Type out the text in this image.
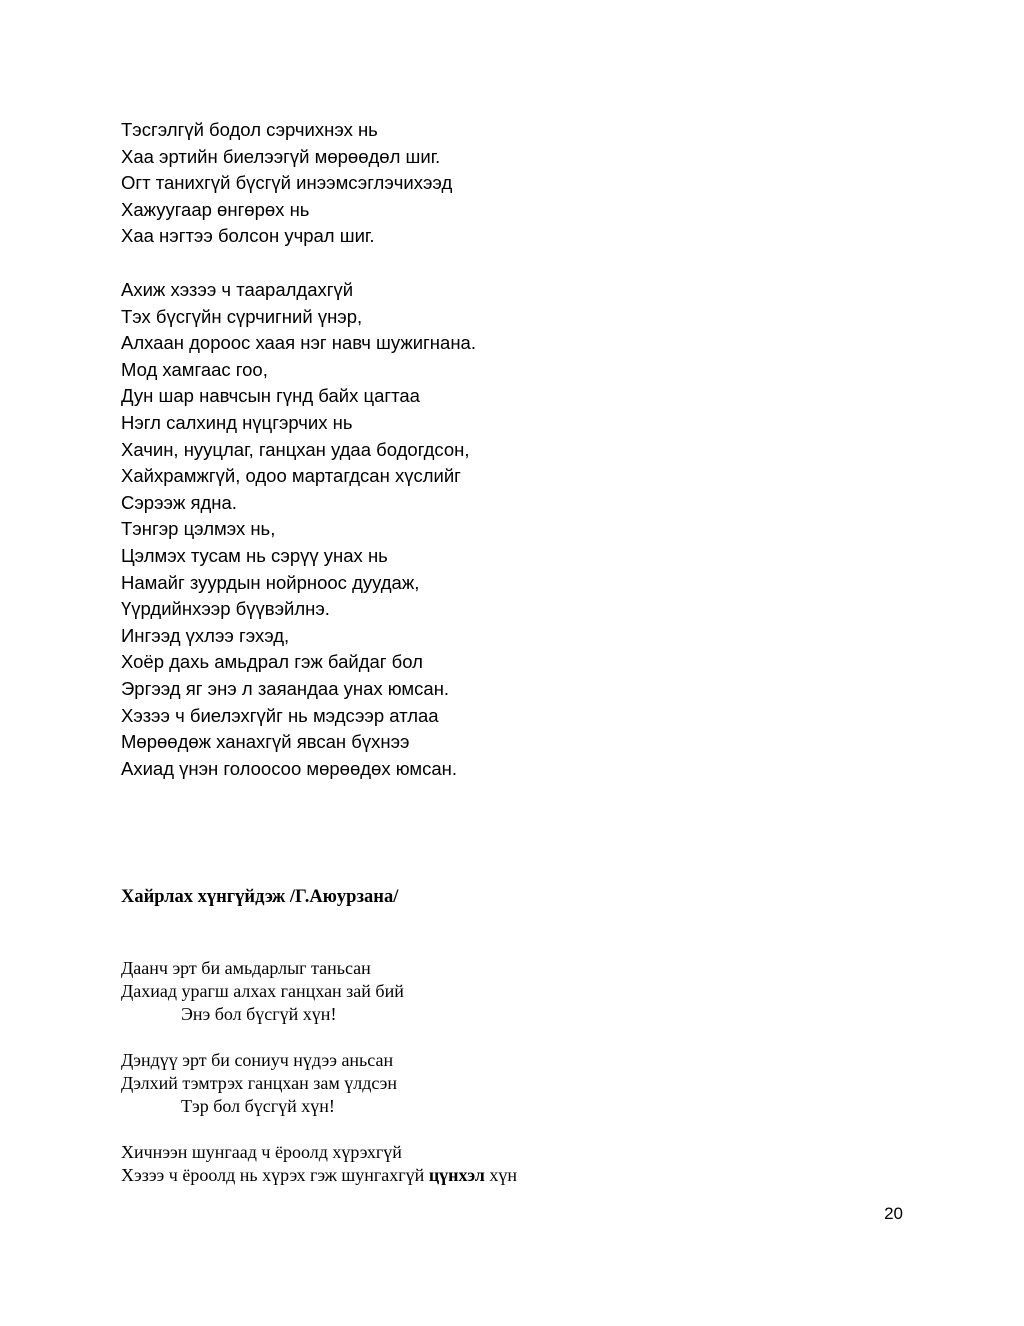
Тэсгэлгүй бодол сэрчихнэх нь
Хаа эртийн биелээгүй мөрөөдөл шиг.
Огт танихгүй бүсгүй инээмсэглэчихээд
Хажуугаар өнгөрөх нь
Хаа нэгтээ болсон учрал шиг.
Ахиж хэзээ ч тааралдахгүй
Тэх бүсгүйн сүрчигний үнэр,
Алхаан дороос хаая нэг навч шужигнана.
Мод хамгаас гоо,
Дун шар навчсын гүнд байх цагтаа
Нэгл салхинд нүцгэрчих нь
Хачин, нууцлаг, ганцхан удаа бодогдсон,
Хайхрамжгүй, одоо мартагдсан хүслийг
Сэрээж ядна.
Тэнгэр цэлмэх нь,
Цэлмэх тусам нь сэрүү унах нь
Намайг зуурдын нойрноос дуудаж,
Үүрдийнхээр бүүвэйлнэ.
Ингээд үхлээ гэхэд,
Хоёр дахь амьдрал гэж байдаг бол
Эргээд яг энэ л заяандаа унах юмсан.
Хэзээ ч биелэхгүйг нь мэдсээр атлаа
Мөрөөдөж ханахгүй явсан бүхнээ
Ахиад үнэн голоосоо мөрөөдөх юмсан.
Хайрлах хүнгүйдэж /Г.Аюурзана/
Даанч эрт би амьдарлыг таньсан
Дахиад урагш алхах ганцхан зай бий
Энэ бол бүсгүй хүн!
Дэндүү эрт би сониуч нүдээ аньсан
Дэлхий тэмтрэх ганцхан зам үлдсэн
Тэр бол бүсгүй хүн!
Хичнээн шунгаад ч ёроолд хүрэхгүй
Хэзээ ч ёроолд нь хүрэх гэж шунгахгүй цүнхэл хүн
20
